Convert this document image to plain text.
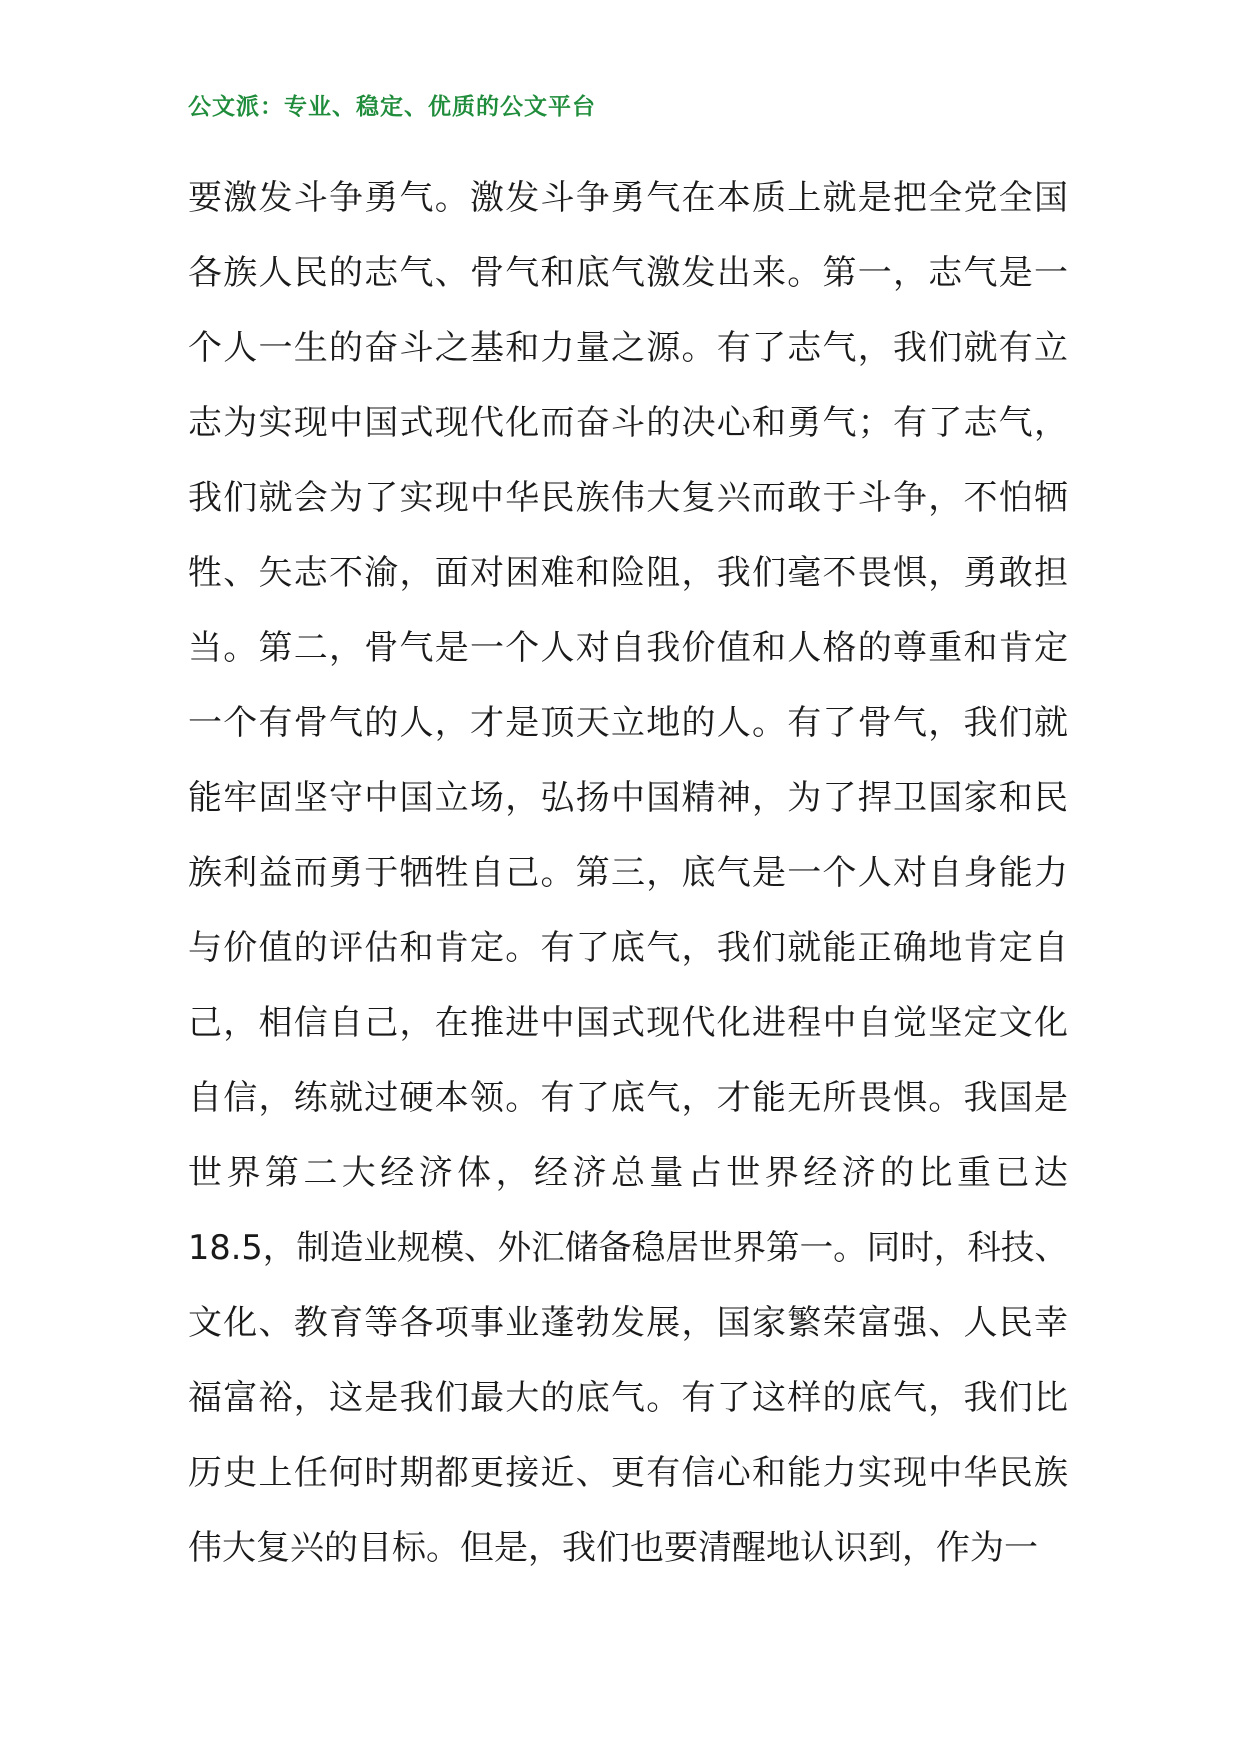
公文派：专业、稳定、优质的公文平台
要激发斗争勇气。激发斗争勇气在本质上就是把全党全国
各族人民的志气、骨气和底气激发出来。第一，志气是一
个人一生的奋斗之基和力量之源。有了志气，我们就有立
志为实现中国式现代化而奋斗的决心和勇气；有了志气，
我们就会为了实现中华民族伟大复兴而敢于斗争，不怕牺
牲、矢志不渝，面对困难和险阻，我们毫不畏惧，勇敢担
当。第二，骨气是一个人对自我价值和人格的尊重和肯定
一个有骨气的人，才是顶天立地的人。有了骨气，我们就
能牢固坚守中国立场，弘扬中国精神，为了捍卫国家和民
族利益而勇于牺牲自己。第三，底气是一个人对自身能力
与价值的评估和肯定。有了底气，我们就能正确地肯定自
己，相信自己，在推进中国式现代化进程中自觉坚定文化
自信，练就过硬本领。有了底气，才能无所畏惧。我国是
世界第二大经济体，经济总量占世界经济的比重已达
18.5，制造业规模、外汇储备稳居世界第一。同时，科技、
文化、教育等各项事业蓬勃发展，国家繁荣富强、人民幸
福富裕，这是我们最大的底气。有了这样的底气，我们比
历史上任何时期都更接近、更有信心和能力实现中华民族
伟大复兴的目标。但是，我们也要清醒地认识到，作为一
